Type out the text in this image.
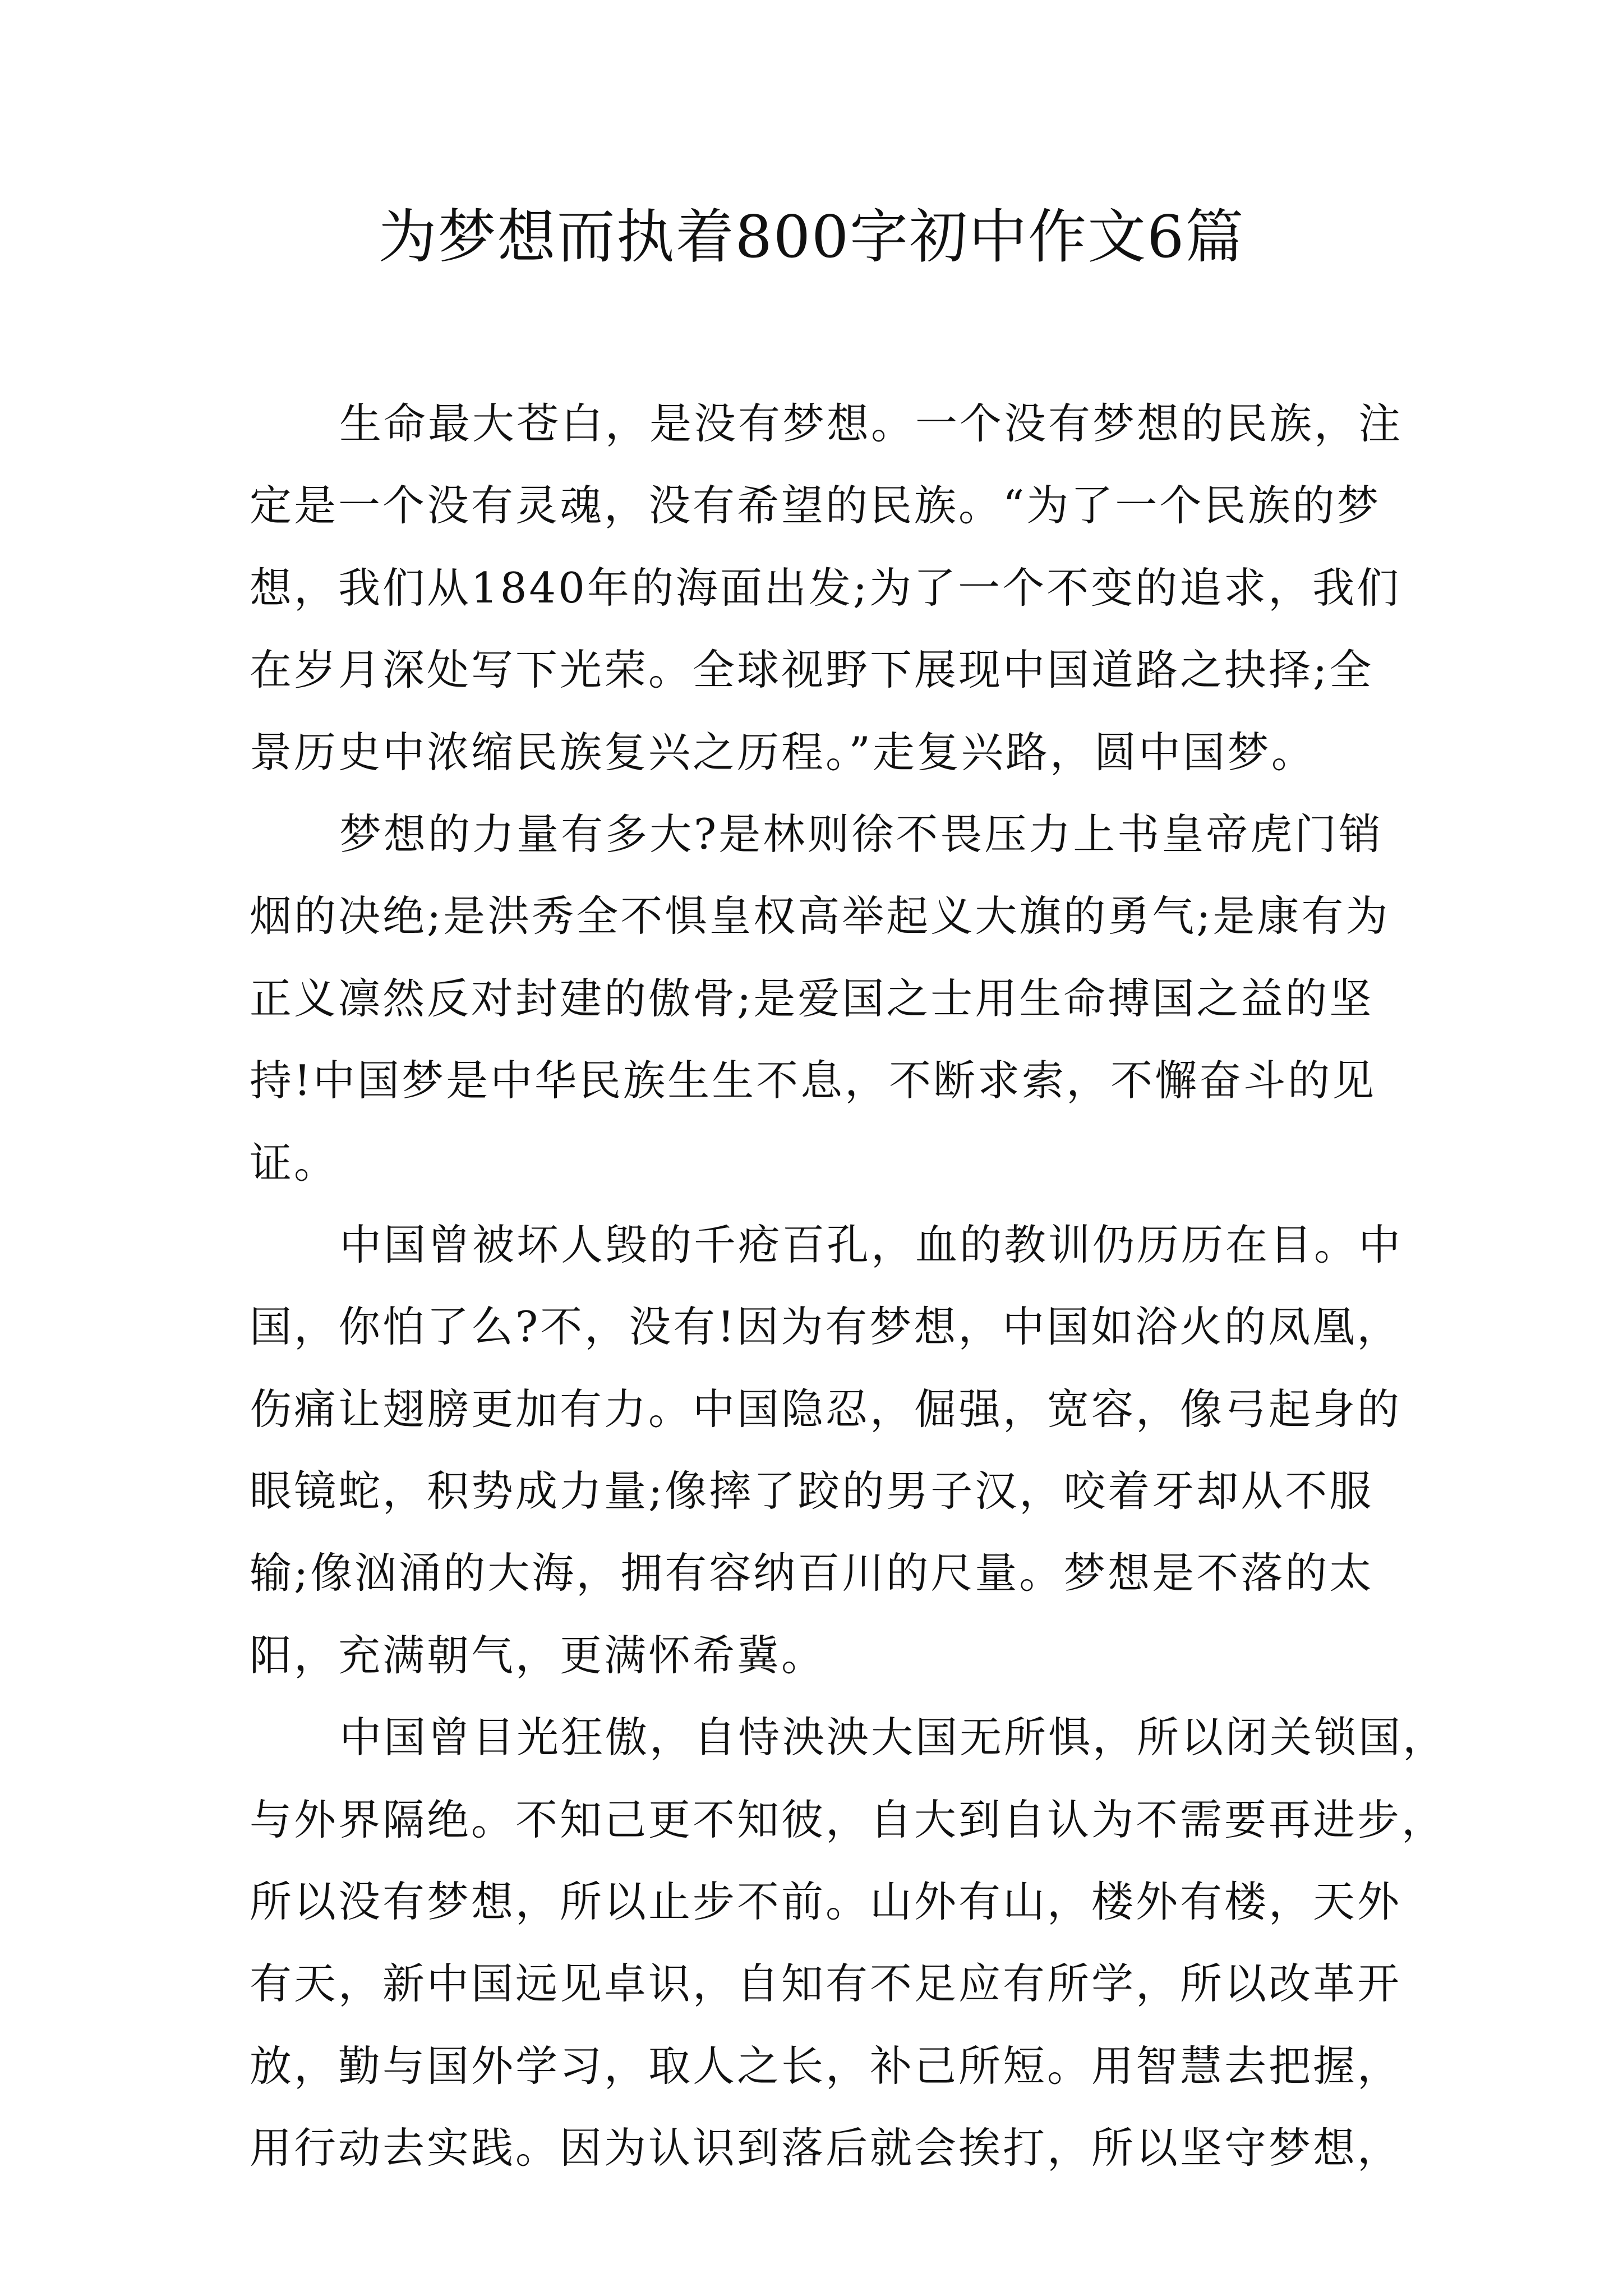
为梦想而执着800字初中作文6篇
生命最大苍白，是没有梦想。一个没有梦想的民族，注
定是一个没有灵魂，没有希望的民族。“为了一个民族的梦
想，我们从1840年的海面出发;为了一个不变的追求，我们
在岁月深处写下光荣。全球视野下展现中国道路之抉择;全
景历史中浓缩民族复兴之历程。”走复兴路，圆中国梦。
梦想的力量有多大?是林则徐不畏压力上书皇帝虎门销
烟的决绝;是洪秀全不惧皇权高举起义大旗的勇气;是康有为
正义凛然反对封建的傲骨;是爱国之士用生命搏国之益的坚
持!中国梦是中华民族生生不息，不断求索，不懈奋斗的见
证。
中国曾被坏人毁的千疮百孔，血的教训仍历历在目。中
国，你怕了么?不，没有!因为有梦想，中国如浴火的凤凰，
伤痛让翅膀更加有力。中国隐忍，倔强，宽容，像弓起身的
眼镜蛇，积势成力量;像摔了跤的男子汉，咬着牙却从不服
输;像汹涌的大海，拥有容纳百川的尺量。梦想是不落的太
阳，充满朝气，更满怀希冀。
中国曾目光狂傲，自恃泱泱大国无所惧，所以闭关锁国，
与外界隔绝。不知己更不知彼，自大到自认为不需要再进步，
所以没有梦想，所以止步不前。山外有山，楼外有楼，天外
有天，新中国远见卓识，自知有不足应有所学，所以改革开
放，勤与国外学习，取人之长，补己所短。用智慧去把握，
用行动去实践。因为认识到落后就会挨打，所以坚守梦想，
